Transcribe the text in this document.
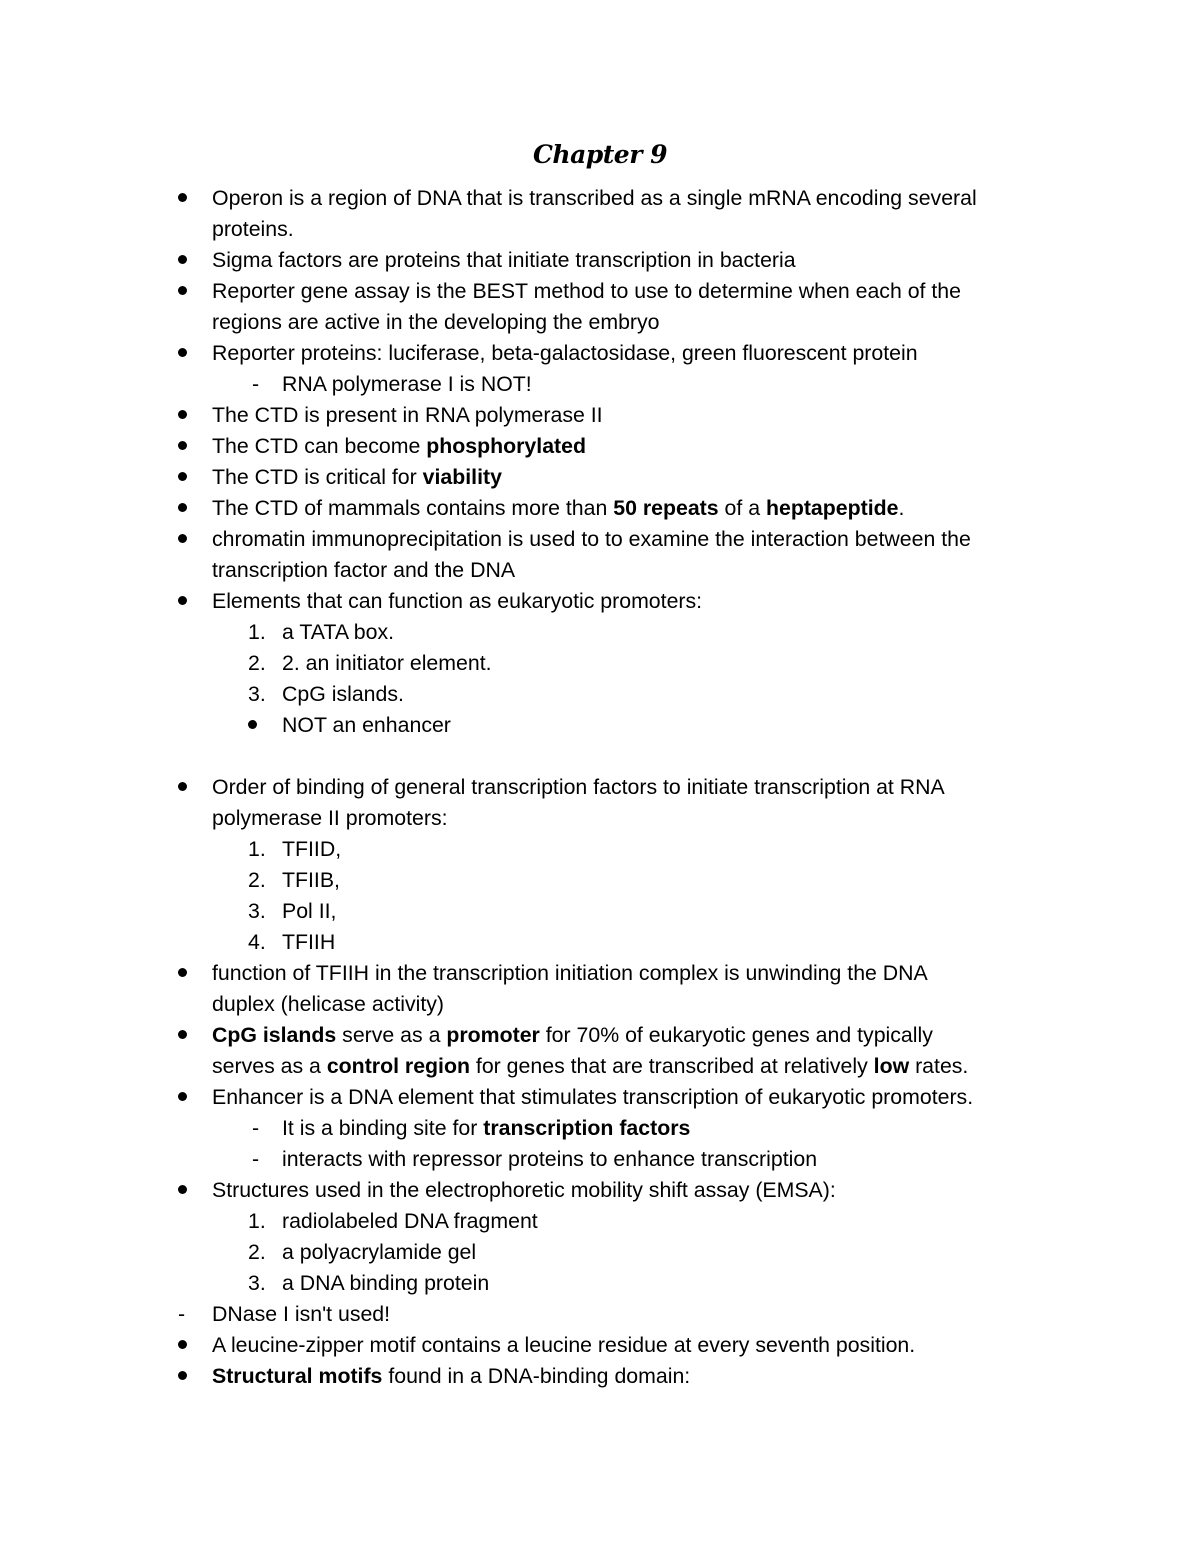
Chapter 9
Operon is a region of DNA that is transcribed as a single mRNA encoding several
proteins.
Sigma factors are proteins that initiate transcription in bacteria
Reporter gene assay is the BEST method to use to determine when each of the
regions are active in the developing the embryo
Reporter proteins: luciferase, beta-galactosidase, green fluorescent protein
- RNA polymerase I is NOT!
The CTD is present in RNA polymerase II
The CTD can become phosphorylated
The CTD is critical for viability
The CTD of mammals contains more than 50 repeats of a heptapeptide.
chromatin immunoprecipitation is used to to examine the interaction between the
transcription factor and the DNA
Elements that can function as eukaryotic promoters:
1. a TATA box.
2. 2. an initiator element.
3. CpG islands.
NOT an enhancer
Order of binding of general transcription factors to initiate transcription at RNA
polymerase II promoters:
1. TFIID,
2. TFIIB,
3. Pol II,
4. TFIIH
function of TFIIH in the transcription initiation complex is unwinding the DNA
duplex (helicase activity)
CpG islands serve as a promoter for 70% of eukaryotic genes and typically
serves as a control region for genes that are transcribed at relatively low rates.
Enhancer is a DNA element that stimulates transcription of eukaryotic promoters.
- It is a binding site for transcription factors
- interacts with repressor proteins to enhance transcription
Structures used in the electrophoretic mobility shift assay (EMSA):
1. radiolabeled DNA fragment
2. a polyacrylamide gel
3. a DNA binding protein
- DNase I isn't used!
A leucine-zipper motif contains a leucine residue at every seventh position.
Structural motifs found in a DNA-binding domain:
